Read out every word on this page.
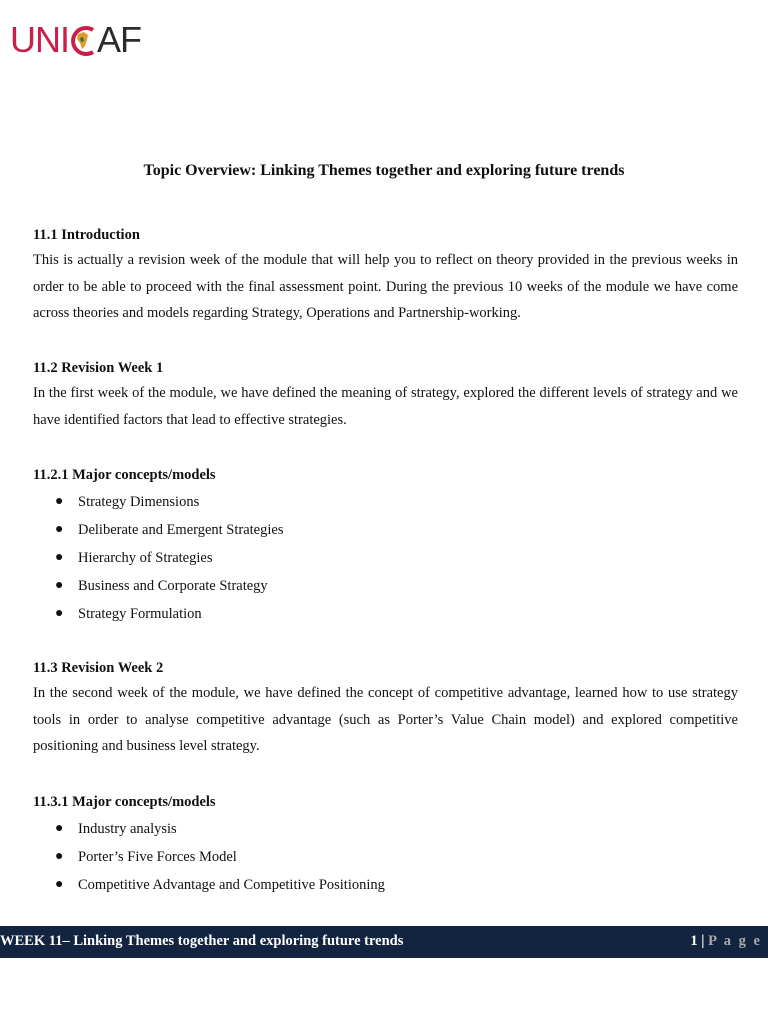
UNI AF
Topic Overview: Linking Themes together and exploring future trends
11.1 Introduction

This is actually a revision week of the module that will help you to reflect on theory provided in the previous weeks in order to be able to proceed with the final assessment point. During the previous 10 weeks of the module we have come across theories and models regarding Strategy, Operations and Partnership-working.

11.2 Revision Week 1

In the first week of the module, we have defined the meaning of strategy, explored the different levels of strategy and we have identified factors that lead to effective strategies.

11.2.1 Major concepts/models
● Strategy Dimensions
● Deliberate and Emergent Strategies
● Hierarchy of Strategies
● Business and Corporate Strategy
● Strategy Formulation
11.3 Revision Week 2

In the second week of the module, we have defined the concept of competitive advantage, learned how to use strategy tools in order to analyse competitive advantage (such as Porter’s Value Chain model) and explored competitive positioning and business level strategy.

11.3.1 Major concepts/models
● Industry analysis
● Porter’s Five Forces Model
● Competitive Advantage and Competitive Positioning
WEEK 11– Linking Themes together and exploring future trends	1 | P a g e
